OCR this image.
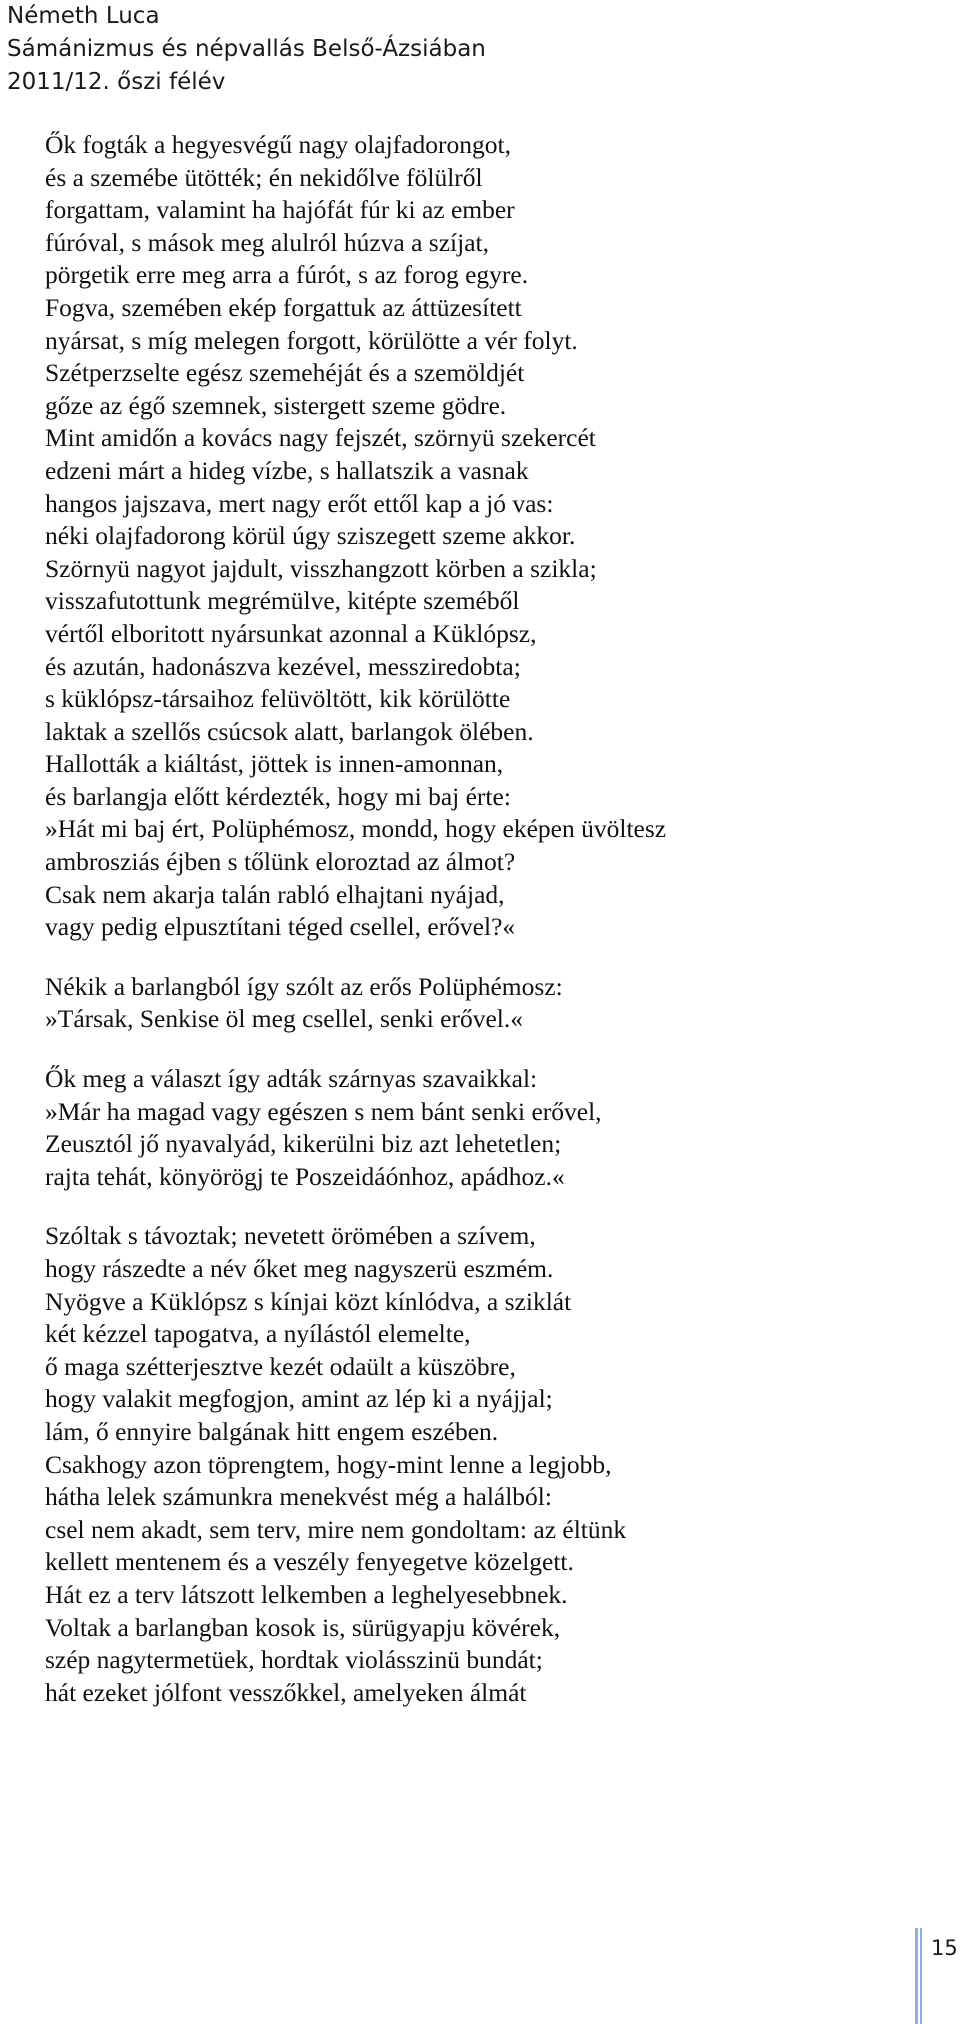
Németh Luca
Sámánizmus és népvallás Belső-Ázsiában
2011/12. őszi félév
Ők fogták a hegyesvégű nagy olajfadorongot,
és a szemébe ütötték; én nekidőlve fölülről
forgattam, valamint ha hajófát fúr ki az ember
fúróval, s mások meg alulról húzva a szíjat,
pörgetik erre meg arra a fúrót, s az forog egyre.
Fogva, szemében ekép forgattuk az áttüzesített
nyársat, s míg melegen forgott, körülötte a vér folyt.
Szétperzselte egész szemehéját és a szemöldjét
gőze az égő szemnek, sistergett szeme gödre.
Mint amidőn a kovács nagy fejszét, szörnyü szekercét
edzeni márt a hideg vízbe, s hallatszik a vasnak
hangos jajszava, mert nagy erőt ettől kap a jó vas:
néki olajfadorong körül úgy sziszegett szeme akkor.
Szörnyü nagyot jajdult, visszhangzott körben a szikla;
visszafutottunk megrémülve, kitépte szeméből
vértől elboritott nyársunkat azonnal a Küklópsz,
és azután, hadonászva kezével, messziredobta;
s küklópsz-társaihoz felüvöltött, kik körülötte
laktak a szellős csúcsok alatt, barlangok ölében.
Hallották a kiáltást, jöttek is innen-amonnan,
és barlangja előtt kérdezték, hogy mi baj érte:
»Hát mi baj ért, Polüphémosz, mondd, hogy eképen üvöltesz
ambrosziás éjben s tőlünk eloroztad az álmot?
Csak nem akarja talán rabló elhajtani nyájad,
vagy pedig elpusztítani téged csellel, erővel?«
Nékik a barlangból így szólt az erős Polüphémosz:
»Társak, Senkise öl meg csellel, senki erővel.«
Ők meg a választ így adták szárnyas szavaikkal:
»Már ha magad vagy egészen s nem bánt senki erővel,
Zeusztól jő nyavalyád, kikerülni biz azt lehetetlen;
rajta tehát, könyörögj te Poszeidáónhoz, apádhoz.«
Szóltak s távoztak; nevetett örömében a szívem,
hogy rászedte a név őket meg nagyszerü eszmém.
Nyögve a Küklópsz s kínjai közt kínlódva, a sziklát
két kézzel tapogatva, a nyílástól elemelte,
ő maga szétterjesztve kezét odaült a küszöbre,
hogy valakit megfogjon, amint az lép ki a nyájjal;
lám, ő ennyire balgának hitt engem eszében.
Csakhogy azon töprengtem, hogy-mint lenne a legjobb,
hátha lelek számunkra menekvést még a halálból:
csel nem akadt, sem terv, mire nem gondoltam: az éltünk
kellett mentenem és a veszély fenyegetve közelgett.
Hát ez a terv látszott lelkemben a leghelyesebbnek.
Voltak a barlangban kosok is, sürügyapju kövérek,
szép nagytermetüek, hordtak violásszinü bundát;
hát ezeket jólfont vesszőkkel, amelyeken álmát
15
